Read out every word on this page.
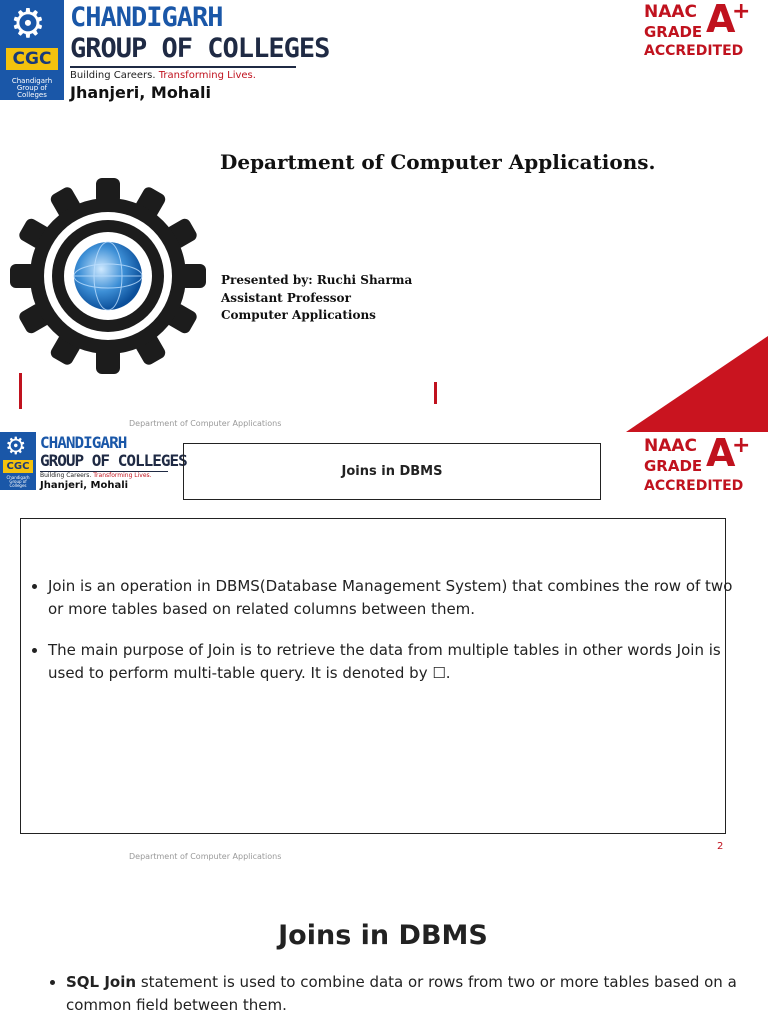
⚙
CGC
Chandigarh Group of Colleges
CHANDIGARH
GROUP OF COLLEGES
Building Careers. Transforming Lives.
Jhanjeri, Mohali
NAAC
GRADE A
+
ACCREDITED
Department of Computer Applications.
Presented by: Ruchi Sharma
Assistant Professor
Computer Applications
Department of Computer Applications
⚙
CGC
Chandigarh Group of Colleges
CHANDIGARH
GROUP OF COLLEGES
Building Careers. Transforming Lives.
Jhanjeri, Mohali
Joins in DBMS
NAAC
GRADE A
+
ACCREDITED
• Join is an operation in DBMS(Database Management System) that combines the row of two or more tables based on related columns between them.
• The main purpose of Join is to retrieve the data from multiple tables in other words Join is used to perform multi-table query. It is denoted by ☐.
Department of Computer Applications
2
Joins in DBMS
• SQL Join statement is used to combine data or rows from two or more tables based on a common field between them.
